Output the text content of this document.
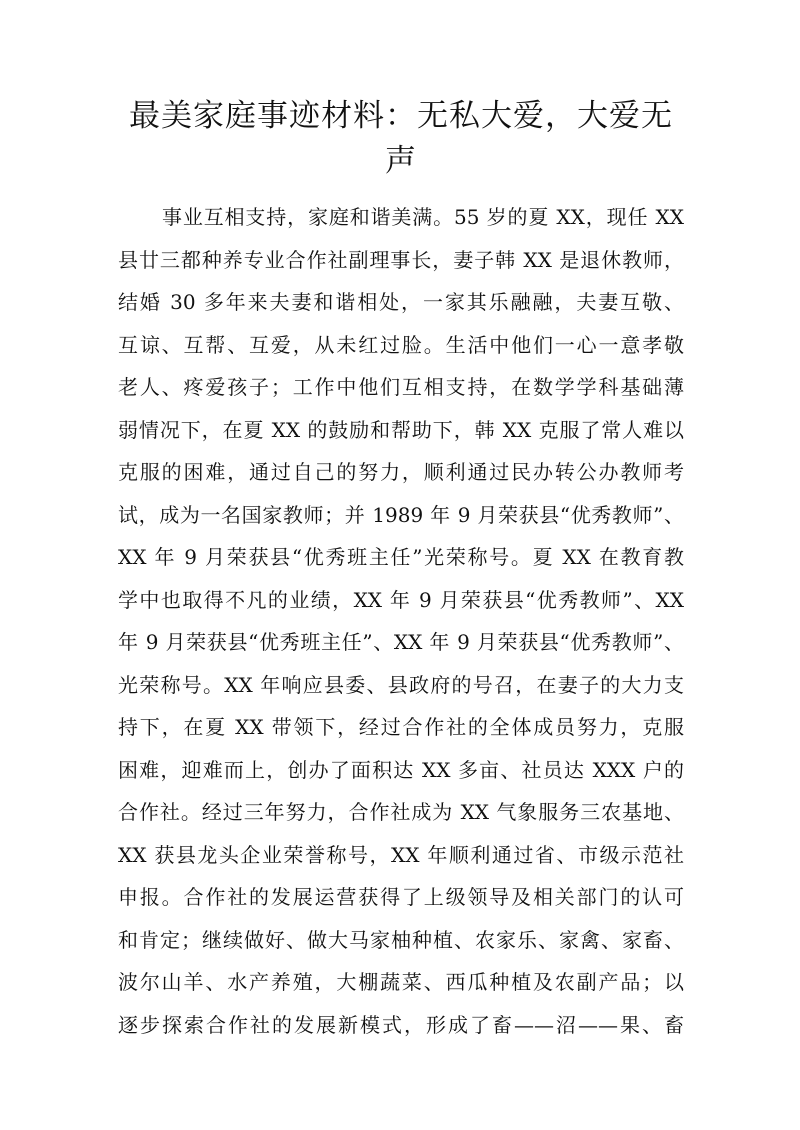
最美家庭事迹材料：无私大爱，大爱无
声
事业互相支持，家庭和谐美满。55 岁的夏 XX，现任 XX
县廿三都种养专业合作社副理事长，妻子韩 XX 是退休教师，
结婚 30 多年来夫妻和谐相处，一家其乐融融，夫妻互敬、
互谅、互帮、互爱，从未红过脸。生活中他们一心一意孝敬
老人、疼爱孩子；工作中他们互相支持，在数学学科基础薄
弱情况下，在夏 XX 的鼓励和帮助下，韩 XX 克服了常人难以
克服的困难，通过自己的努力，顺利通过民办转公办教师考
试，成为一名国家教师；并 1989 年 9 月荣获县“优秀教师”、
XX 年 9 月荣获县“优秀班主任”光荣称号。夏 XX 在教育教
学中也取得不凡的业绩，XX 年 9 月荣获县“优秀教师”、XX
年 9 月荣获县“优秀班主任”、XX 年 9 月荣获县“优秀教师”、
光荣称号。XX 年响应县委、县政府的号召，在妻子的大力支
持下，在夏 XX 带领下，经过合作社的全体成员努力，克服
困难，迎难而上，创办了面积达 XX 多亩、社员达 XXX 户的
合作社。经过三年努力，合作社成为 XX 气象服务三农基地、
XX 获县龙头企业荣誉称号，XX 年顺利通过省、市级示范社
申报。合作社的发展运营获得了上级领导及相关部门的认可
和肯定；继续做好、做大马家柚种植、农家乐、家禽、家畜、
波尔山羊、水产养殖，大棚蔬菜、西瓜种植及农副产品；以
逐步探索合作社的发展新模式，形成了畜——沼——果、畜
